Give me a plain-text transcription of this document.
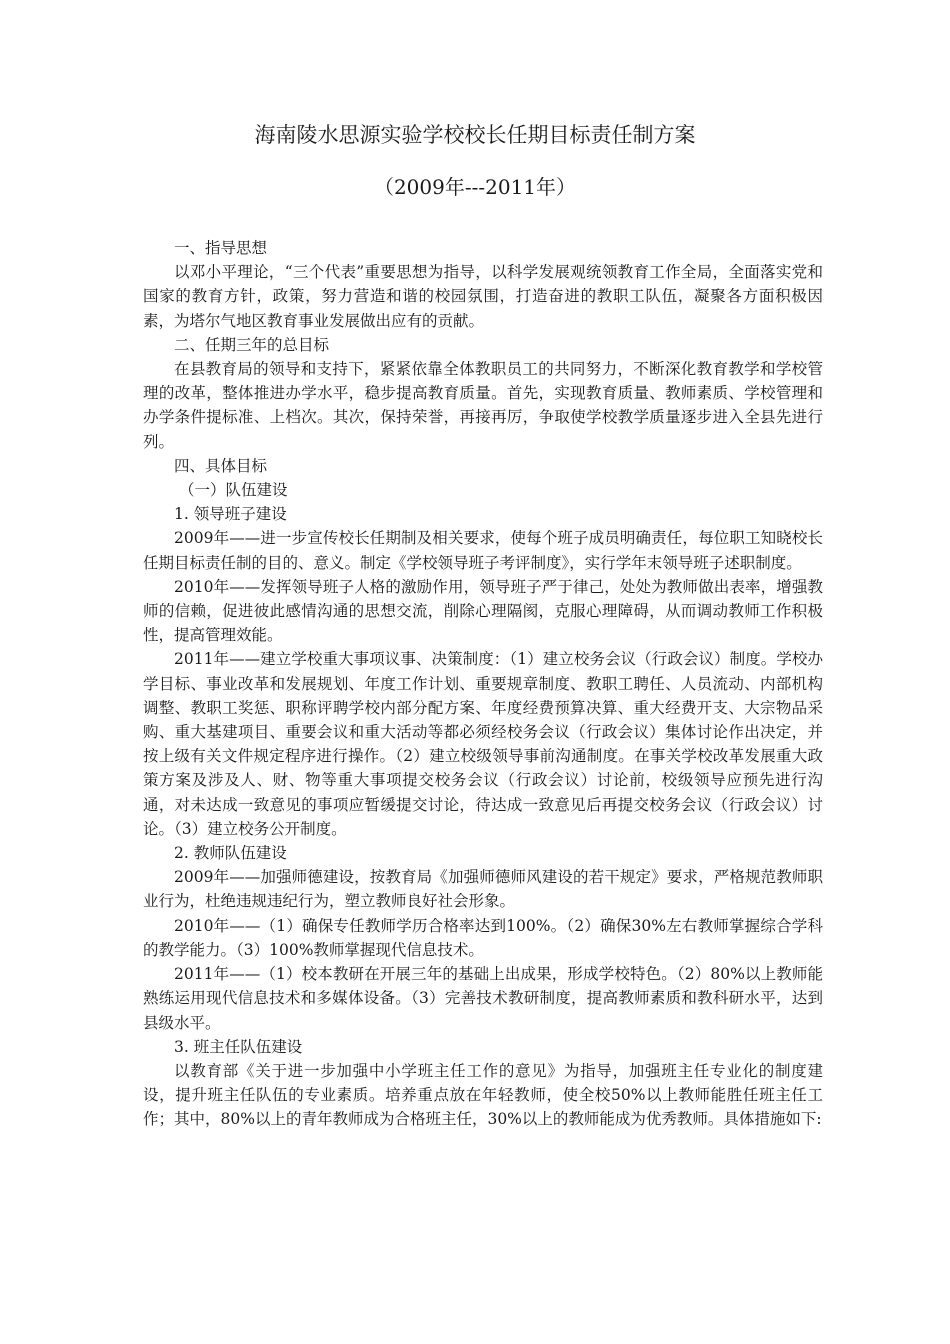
海南陵水思源实验学校校长任期目标责任制方案
（2009年---2011年）

一、指导思想

以邓小平理论，“三个代表”重要思想为指导，以科学发展观统领教育工作全局，全面落实党和国家的教育方针，政策，努力营造和谐的校园氛围，打造奋进的教职工队伍，凝聚各方面积极因素，为塔尔气地区教育事业发展做出应有的贡献。

二、任期三年的总目标

在县教育局的领导和支持下，紧紧依靠全体教职员工的共同努力，不断深化教育教学和学校管理的改革，整体推进办学水平，稳步提高教育质量。首先，实现教育质量、教师素质、学校管理和办学条件提标准、上档次。其次，保持荣誉，再接再厉，争取使学校教学质量逐步进入全县先进行列。

四、具体目标

（一）队伍建设

1. 领导班子建设

2009年——进一步宣传校长任期制及相关要求，使每个班子成员明确责任，每位职工知晓校长任期目标责任制的目的、意义。制定《学校领导班子考评制度》，实行学年末领导班子述职制度。

2010年——发挥领导班子人格的激励作用，领导班子严于律己，处处为教师做出表率，增强教师的信赖，促进彼此感情沟通的思想交流，削除心理隔阂，克服心理障碍，从而调动教师工作积极性，提高管理效能。

2011年——建立学校重大事项议事、决策制度：（1）建立校务会议（行政会议）制度。学校办学目标、事业改革和发展规划、年度工作计划、重要规章制度、教职工聘任、人员流动、内部机构调整、教职工奖惩、职称评聘学校内部分配方案、年度经费预算决算、重大经费开支、大宗物品采购、重大基建项目、重要会议和重大活动等都必须经校务会议（行政会议）集体讨论作出决定，并按上级有关文件规定程序进行操作。（2）建立校级领导事前沟通制度。在事关学校改革发展重大政策方案及涉及人、财、物等重大事项提交校务会议（行政会议）讨论前，校级领导应预先进行沟通，对未达成一致意见的事项应暂缓提交讨论，待达成一致意见后再提交校务会议（行政会议）讨论。（3）建立校务公开制度。

2. 教师队伍建设

2009年——加强师德建设，按教育局《加强师德师风建设的若干规定》要求，严格规范教师职业行为，杜绝违规违纪行为，塑立教师良好社会形象。

2010年——（1）确保专任教师学历合格率达到100%。（2）确保30%左右教师掌握综合学科的教学能力。（3）100%教师掌握现代信息技术。

2011年——（1）校本教研在开展三年的基础上出成果，形成学校特色。（2）80%以上教师能熟练运用现代信息技术和多媒体设备。（3）完善技术教研制度，提高教师素质和教科研水平，达到县级水平。

3. 班主任队伍建设

以教育部《关于进一步加强中小学班主任工作的意见》为指导，加强班主任专业化的制度建设，提升班主任队伍的专业素质。培养重点放在年轻教师，使全校50%以上教师能胜任班主任工作；其中，80%以上的青年教师成为合格班主任，30%以上的教师能成为优秀教师。具体措施如下:
